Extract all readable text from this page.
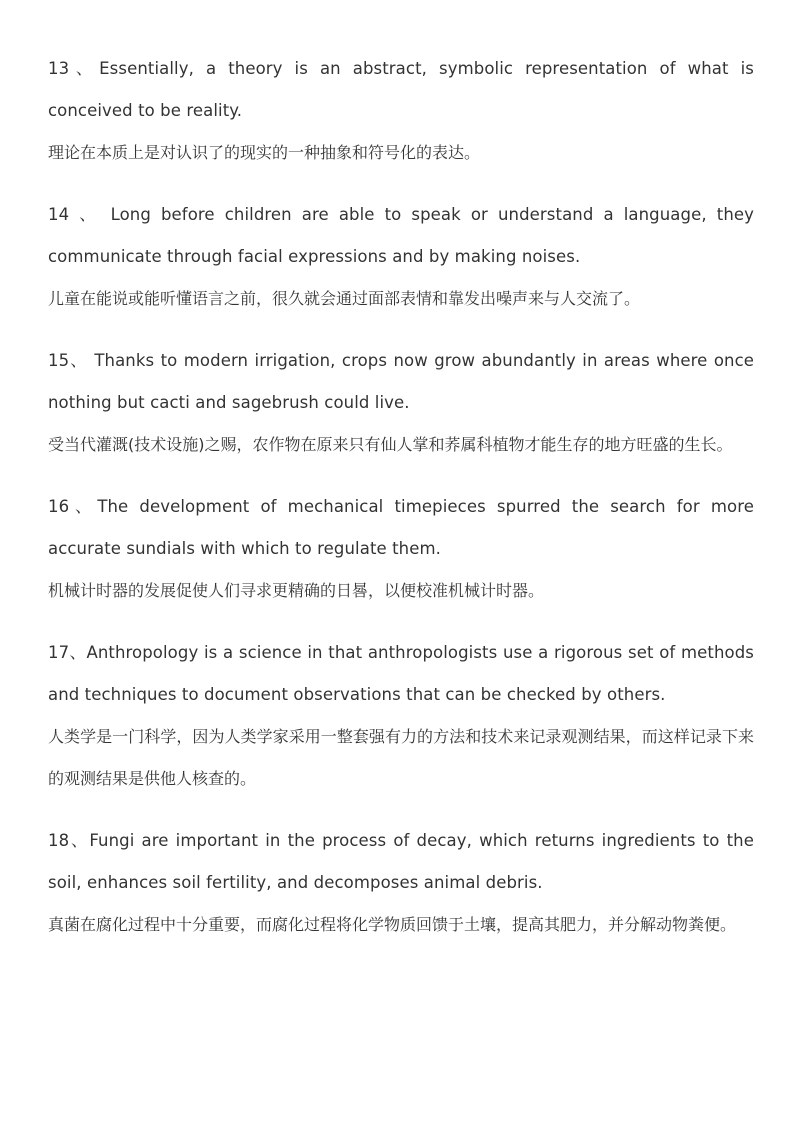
13、Essentially, a theory is an abstract, symbolic representation of what is conceived to be reality.

理论在本质上是对认识了的现实的一种抽象和符号化的表达。

14 、 Long before children are able to speak or understand a language, they communicate through facial expressions and by making noises.

儿童在能说或能听懂语言之前，很久就会通过面部表情和靠发出噪声来与人交流了。

15、 Thanks to modern irrigation, crops now grow abundantly in areas where once nothing but cacti and sagebrush could live.

受当代灌溉(技术设施)之赐，农作物在原来只有仙人掌和荞属科植物才能生存的地方旺盛的生长。

16、The development of mechanical timepieces spurred the search for more accurate sundials with which to regulate them.

机械计时器的发展促使人们寻求更精确的日晷，以便校准机械计时器。

17、Anthropology is a science in that anthropologists use a rigorous set of methods and techniques to document observations that can be checked by others.

人类学是一门科学，因为人类学家采用一整套强有力的方法和技术来记录观测结果，而这样记录下来的观测结果是供他人核查的。

18、Fungi are important in the process of decay, which returns ingredients to the soil, enhances soil fertility, and decomposes animal debris.

真菌在腐化过程中十分重要，而腐化过程将化学物质回馈于土壤，提高其肥力，并分解动物粪便。
